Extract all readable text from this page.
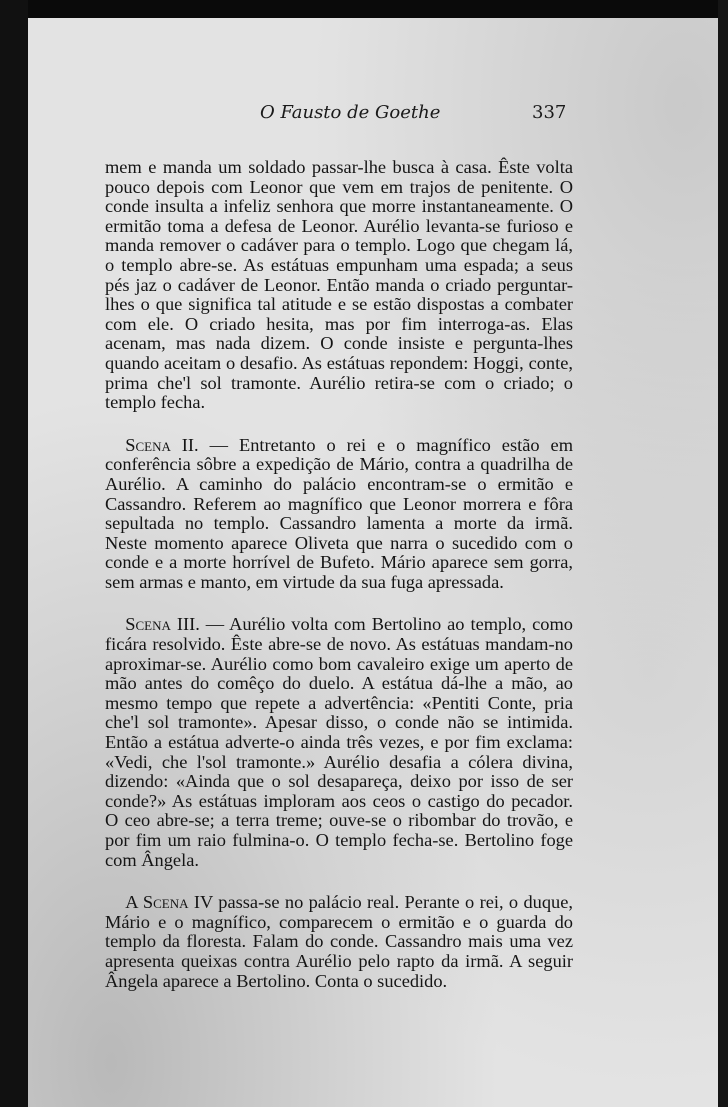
O Fausto de Goethe	337

mem e manda um soldado passar-lhe busca à casa. Êste volta pouco depois com Leonor que vem em trajos de penitente. O conde insulta a infeliz senhora que morre instantaneamente. O ermitão toma a defesa de Leonor. Aurélio levanta-se furioso e manda remover o cadáver para o templo. Logo que chegam lá, o templo abre-se. As estátuas empunham uma espada; a seus pés jaz o cadáver de Leonor. Então manda o criado perguntar-lhes o que significa tal atitude e se estão dispostas a combater com ele. O criado hesita, mas por fim interroga-as. Elas acenam, mas nada dizem. O conde insiste e pergunta-lhes quando aceitam o desafio. As estátuas repondem: Hoggi, conte, prima che'l sol tramonte. Aurélio retira-se com o criado; o templo fecha.

Scena II. — Entretanto o rei e o magnífico estão em conferência sôbre a expedição de Mário, contra a quadrilha de Aurélio. A caminho do palácio encontram-se o ermitão e Cassandro. Referem ao magnífico que Leonor morrera e fôra sepultada no templo. Cassandro lamenta a morte da irmã. Neste momento aparece Oliveta que narra o sucedido com o conde e a morte horrível de Bufeto. Mário aparece sem gorra, sem armas e manto, em virtude da sua fuga apressada.

Scena III. — Aurélio volta com Bertolino ao templo, como ficára resolvido. Êste abre-se de novo. As estátuas mandam-no aproximar-se. Aurélio como bom cavaleiro exige um aperto de mão antes do comêço do duelo. A estátua dá-lhe a mão, ao mesmo tempo que repete a advertência: «Pentiti Conte, pria che'l sol tramonte». Apesar disso, o conde não se intimida. Então a estátua adverte-o ainda três vezes, e por fim exclama: «Vedi, che l'sol tramonte.» Aurélio desafia a cólera divina, dizendo: «Ainda que o sol desapareça, deixo por isso de ser conde?» As estátuas imploram aos ceos o castigo do pecador. O ceo abre-se; a terra treme; ouve-se o ribombar do trovão, e por fim um raio fulmina-o. O templo fecha-se. Bertolino foge com Ângela.

A Scena IV passa-se no palácio real. Perante o rei, o duque, Mário e o magnífico, comparecem o ermitão e o guarda do templo da floresta. Falam do conde. Cassandro mais uma vez apresenta queixas contra Aurélio pelo rapto da irmã. A seguir Ângela aparece a Bertolino. Conta o sucedido.
